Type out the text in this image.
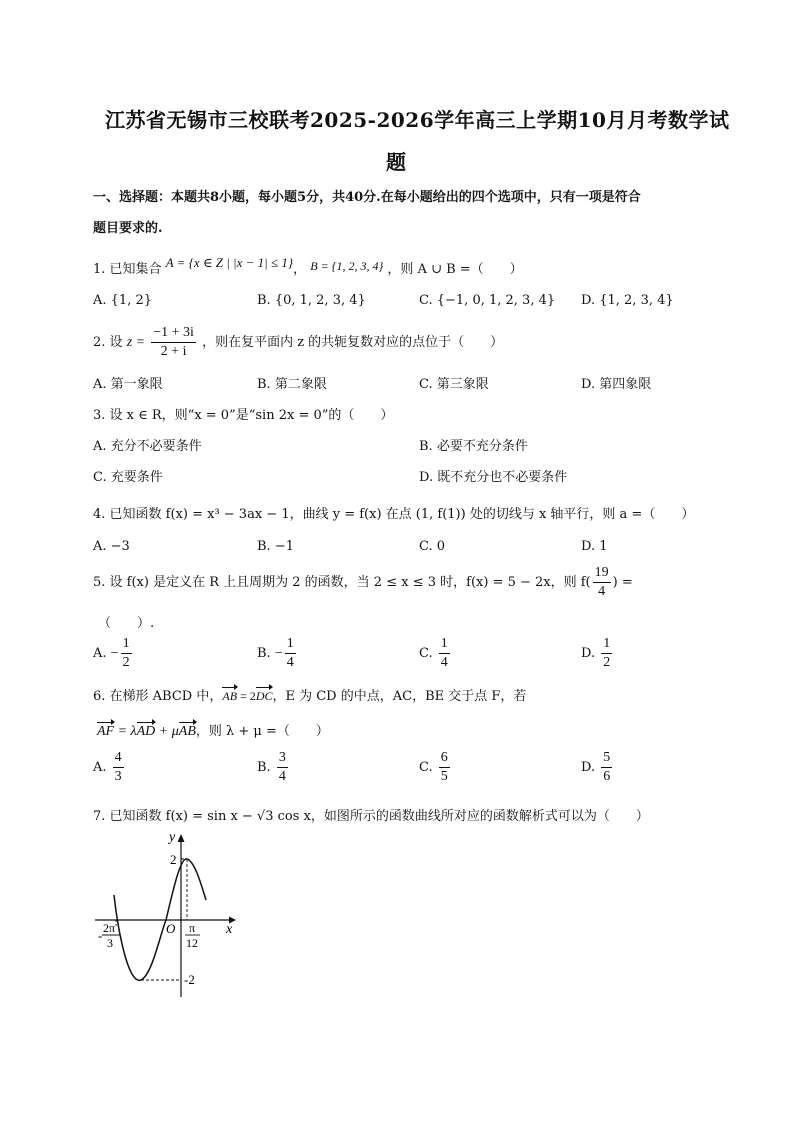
江苏省无锡市三校联考2025-2026学年高三上学期10月月考数学试
题
一、选择题：本题共8小题，每小题5分，共40分.在每小题给出的四个选项中，只有一项是符合
题目要求的.
1. 已知集合 A = {x ∈ Z | |x − 1| ≤ 1}， B = {1, 2, 3, 4} ，则 A ∪ B =（　　）
A. {1, 2}	B. {0, 1, 2, 3, 4}	C. {−1, 0, 1, 2, 3, 4} D. {1, 2, 3, 4}
2. 设 $z = \frac{-1 + 3i}{2 + i}$ ，则在复平面内 z 的共轭复数对应的点位于（　　）
A. 第一象限	B. 第二象限	C. 第三象限	D. 第四象限
3. 设 x ∈ R，则“x = 0”是“sin 2x = 0”的（　　）
A. 充分不必要条件	B. 必要不充分条件
C. 充要条件	D. 既不充分也不必要条件
4. 已知函数 f(x) = x³ − 3ax − 1，曲线 y = f(x) 在点 (1, f(1)) 处的切线与 x 轴平行，则 a =（　　）
A. −3	B. −1	C. 0	D. 1
5. 设 f(x) 是定义在 R 上且周期为 2 的函数，当 2 ≤ x ≤ 3 时，f(x) = 5 − 2x，则 $f( \frac{19}{4}$ ) =
（　　）.
A. − $\frac{1}{2}$	B. − $\frac{1}{4}$	C. $\frac{1}{4}$	D. $\frac{1}{2}$
6. 在梯形 ABCD 中，AB = 2DC，E 为 CD 的中点，AC，BE 交于点 F，若
AF = λAD + μAB，则 λ + μ =（　　）
A. $\frac{4}{3}$	B. $\frac{3}{4}$	C. $\frac{6}{5}$	D. $\frac{5}{6}$
7. 已知函数 f(x) = sin x − √3 cos x，如图所示的函数曲线所对应的函数解析式可以为（　　）
y
x
O
2
-2
- 2π
3
π
12
